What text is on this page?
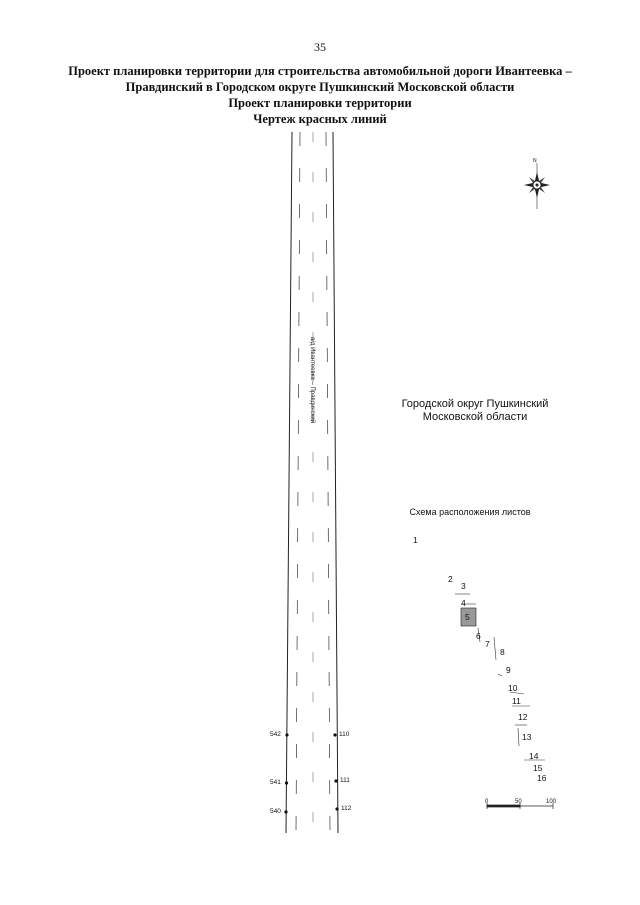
35
Проект планировки территории для строительства автомобильной дороги Ивантеевка –
Правдинский в Городском округе Пушкинский Московской области
Проект планировки территории
Чертеж красных линий
а/д Ивантеевка – Правдинский	Городской округ Пушкинский
Московской области
Схема расположения листов
1
2
3
4
5
6
7
8
9
10
11
12
13
14
15
16
542
541
540
110
111
112
0	50	100
N
